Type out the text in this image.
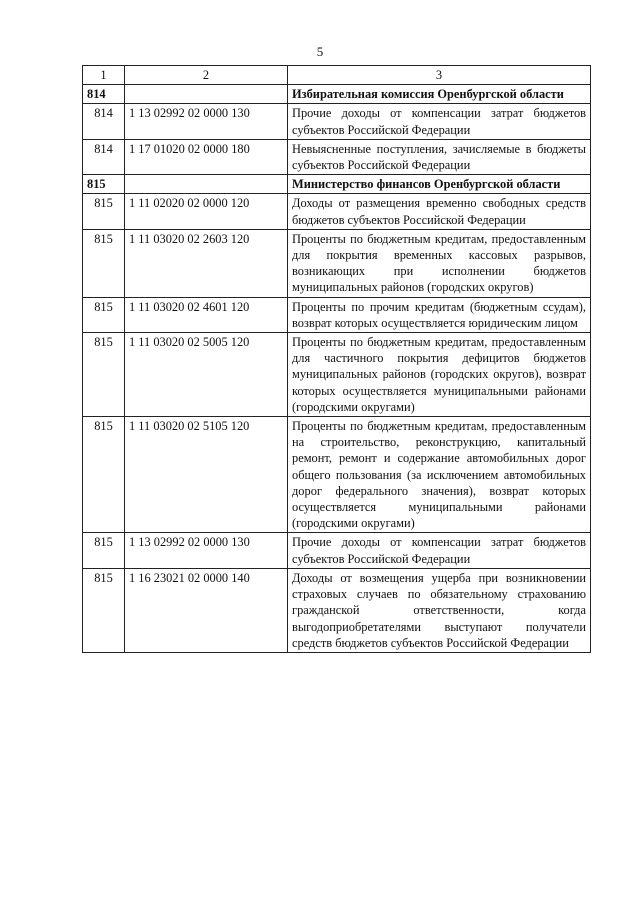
5
1	2	3
814		Избирательная комиссия Оренбургской области
814	1 13 02992 02 0000 130	Прочие доходы от компенсации затрат бюджетов субъектов Российской Федерации
814	1 17 01020 02 0000 180	Невыясненные поступления, зачисляемые в бюджеты субъектов Российской Федерации
815		Министерство финансов Оренбургской области
815	1 11 02020 02 0000 120	Доходы от размещения временно свободных средств бюджетов субъектов Российской Федерации
815	1 11 03020 02 2603 120	Проценты по бюджетным кредитам, предоставленным для покрытия временных кассовых разрывов, возникающих при исполнении бюджетов муниципальных районов (городских округов)
815	1 11 03020 02 4601 120	Проценты по прочим кредитам (бюджетным ссудам), возврат которых осуществляется юридическим лицом
815	1 11 03020 02 5005 120	Проценты по бюджетным кредитам, предоставленным для частичного покрытия дефицитов бюджетов муниципальных районов (городских округов), возврат которых осуществляется муниципальными районами (городскими округами)
815	1 11 03020 02 5105 120	Проценты по бюджетным кредитам, предоставленным на строительство, реконструкцию, капитальный ремонт, ремонт и содержание автомобильных дорог общего пользования (за исключением автомобильных дорог федерального значения), возврат которых осуществляется муниципальными районами (городскими округами)
815	1 13 02992 02 0000 130	Прочие доходы от компенсации затрат бюджетов субъектов Российской Федерации
815	1 16 23021 02 0000 140	Доходы от возмещения ущерба при возникновении страховых случаев по обязательному страхованию гражданской ответственности, когда выгодоприобретателями выступают получатели средств бюджетов субъектов Российской Федерации
